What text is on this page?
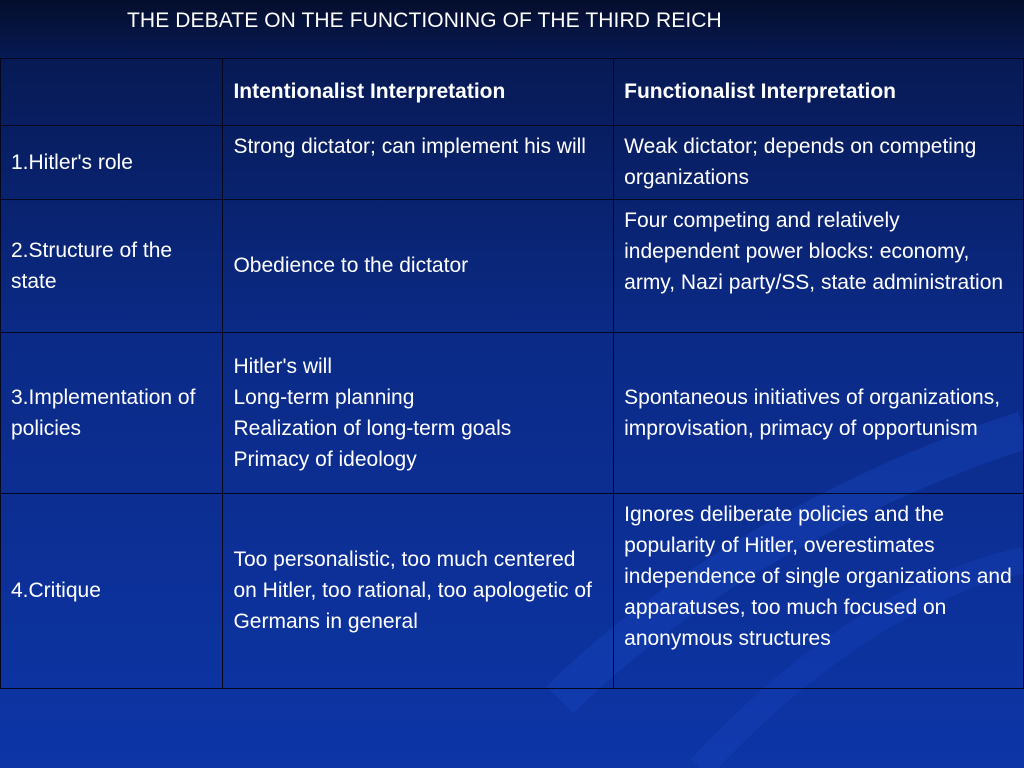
THE DEBATE ON THE FUNCTIONING OF THE THIRD REICH
	Intentionalist Interpretation	Functionalist Interpretation
1.Hitler's role	Strong dictator; can implement his will	Weak dictator; depends on competing organizations

2.Structure of the state	Obedience to the dictator	Four competing and relatively independent power blocks: economy, army, Nazi party/SS, state administration

3.Implementation of policies	Hitler's will
Long-term planning
Realization of long-term goals
Primacy of ideology	Spontaneous initiatives of organizations, improvisation, primacy of opportunism

4.Critique	Too personalistic, too much centered on Hitler, too rational, too apologetic of Germans in general	Ignores deliberate policies and the popularity of Hitler, overestimates independence of single organizations and apparatuses, too much focused on anonymous structures
